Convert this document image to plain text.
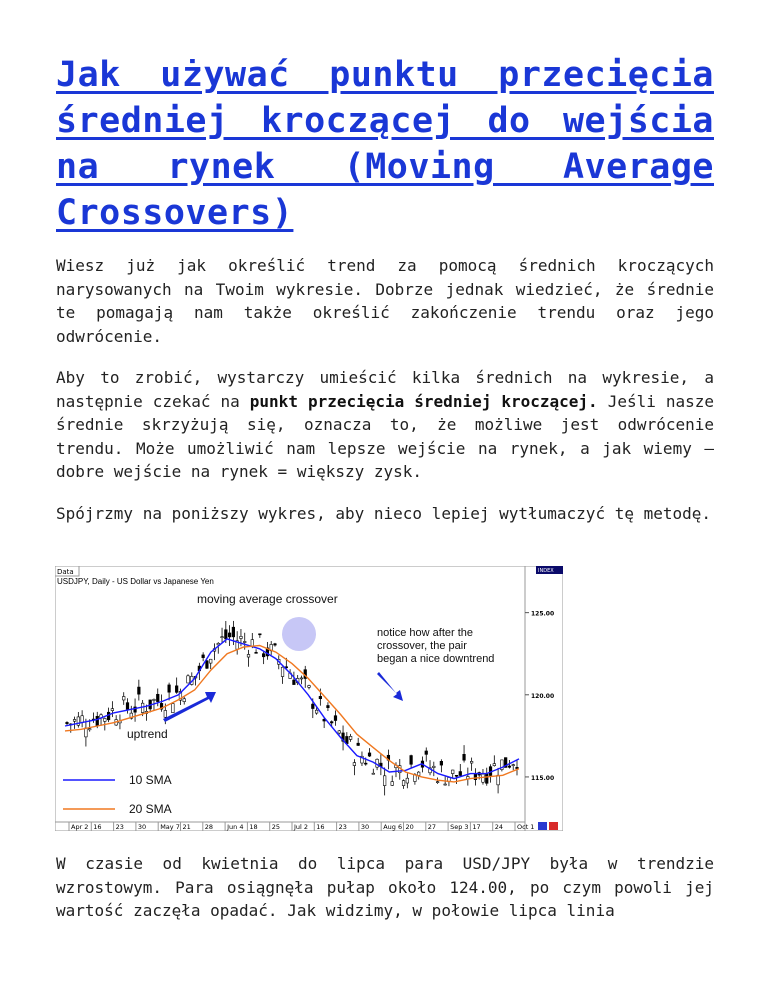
Jak używać punktu przecięcia średniej kroczącej do wejścia na rynek (Moving Average Crossovers)

Wiesz już jak określić trend za pomocą średnich kroczących narysowanych na Twoim wykresie. Dobrze jednak wiedzieć, że średnie te pomagają nam także określić zakończenie trendu oraz jego odwrócenie.

Aby to zrobić, wystarczy umieścić kilka średnich na wykresie, a następnie czekać na punkt przecięcia średniej kroczącej. Jeśli nasze średnie skrzyżują się, oznacza to, że możliwe jest odwrócenie trendu. Może umożliwić nam lepsze wejście na rynek, a jak wiemy – dobre wejście na rynek = większy zysk.

Spójrzmy na poniższy wykres, aby nieco lepiej wytłumaczyć tę metodę.

Data
USDJPY, Daily - US Dollar vs Japanese Yen
INDEX
125.00
120.00
115.00
Apr 2 16 23 30 May 7 21 28 Jun 4 18 25 Jul 2 16 23 30 Aug 6 20 27 Sep 3 17 24 Oct 1
moving average crossover
notice how after the crossover, the pair began a nice downtrend
uptrend
10 SMA
20 SMA

W czasie od kwietnia do lipca para USD/JPY była w trendzie wzrostowym. Para osiągnęła pułap około 124.00, po czym powoli jej wartość zaczęła opadać. Jak widzimy, w połowie lipca linia
